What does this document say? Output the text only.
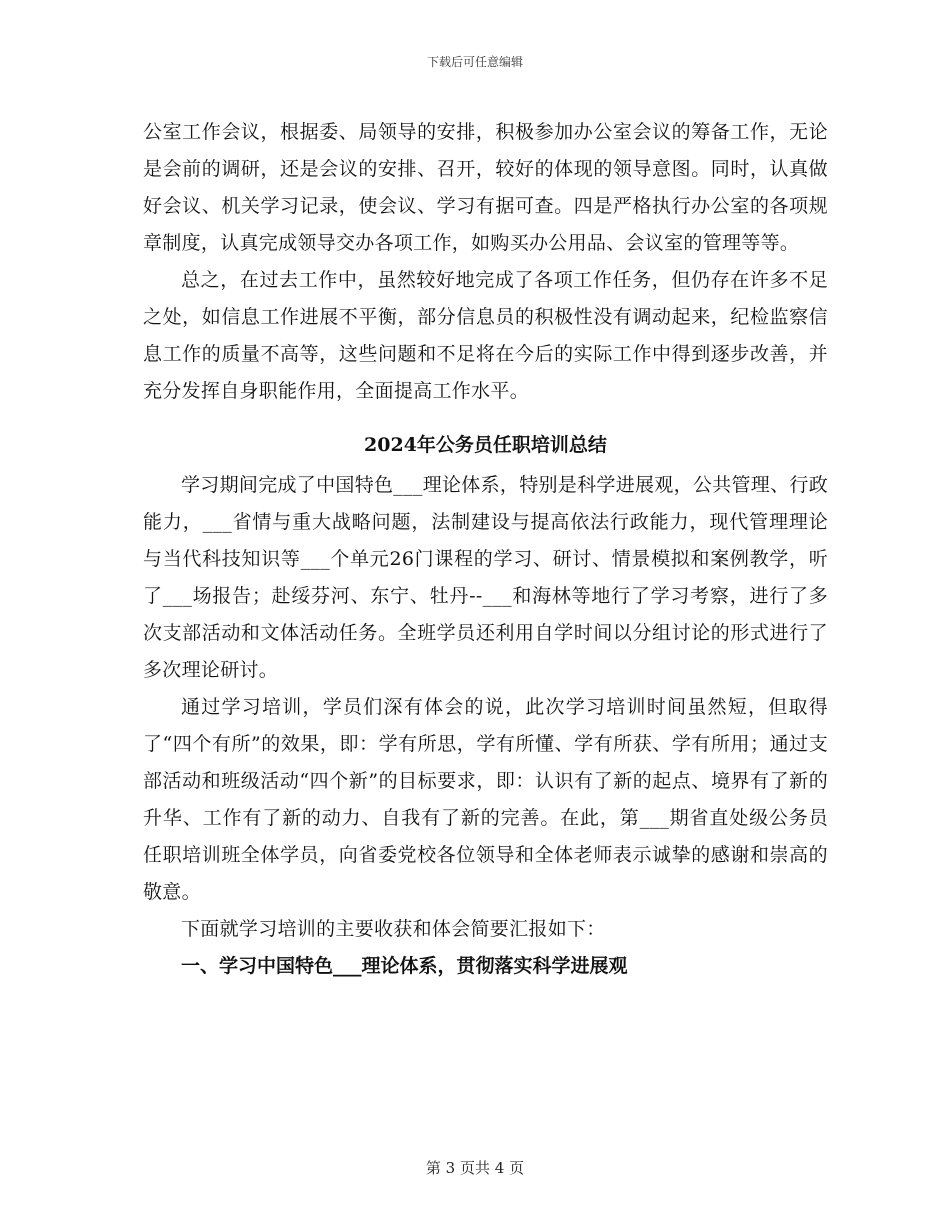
下载后可任意编辑

公室工作会议，根据委、局领导的安排，积极参加办公室会议的筹备工作，无论是会前的调研，还是会议的安排、召开，较好的体现的领导意图。同时，认真做好会议、机关学习记录，使会议、学习有据可查。四是严格执行办公室的各项规章制度，认真完成领导交办各项工作，如购买办公用品、会议室的管理等等。

总之，在过去工作中，虽然较好地完成了各项工作任务，但仍存在许多不足之处，如信息工作进展不平衡，部分信息员的积极性没有调动起来，纪检监察信息工作的质量不高等，这些问题和不足将在今后的实际工作中得到逐步改善，并充分发挥自身职能作用，全面提高工作水平。

2024年公务员任职培训总结

学习期间完成了中国特色___理论体系，特别是科学进展观，公共管理、行政能力，___省情与重大战略问题，法制建设与提高依法行政能力，现代管理理论与当代科技知识等___个单元26门课程的学习、研讨、情景模拟和案例教学，听了___场报告；赴绥芬河、东宁、牡丹--___和海林等地行了学习考察，进行了多次支部活动和文体活动任务。全班学员还利用自学时间以分组讨论的形式进行了多次理论研讨。

通过学习培训，学员们深有体会的说，此次学习培训时间虽然短，但取得了“四个有所”的效果，即：学有所思，学有所懂、学有所获、学有所用；通过支部活动和班级活动“四个新”的目标要求，即：认识有了新的起点、境界有了新的升华、工作有了新的动力、自我有了新的完善。在此，第___期省直处级公务员任职培训班全体学员，向省委党校各位领导和全体老师表示诚挚的感谢和崇高的敬意。

下面就学习培训的主要收获和体会简要汇报如下：

一、学习中国特色___理论体系，贯彻落实科学进展观

第 3 页共 4 页
